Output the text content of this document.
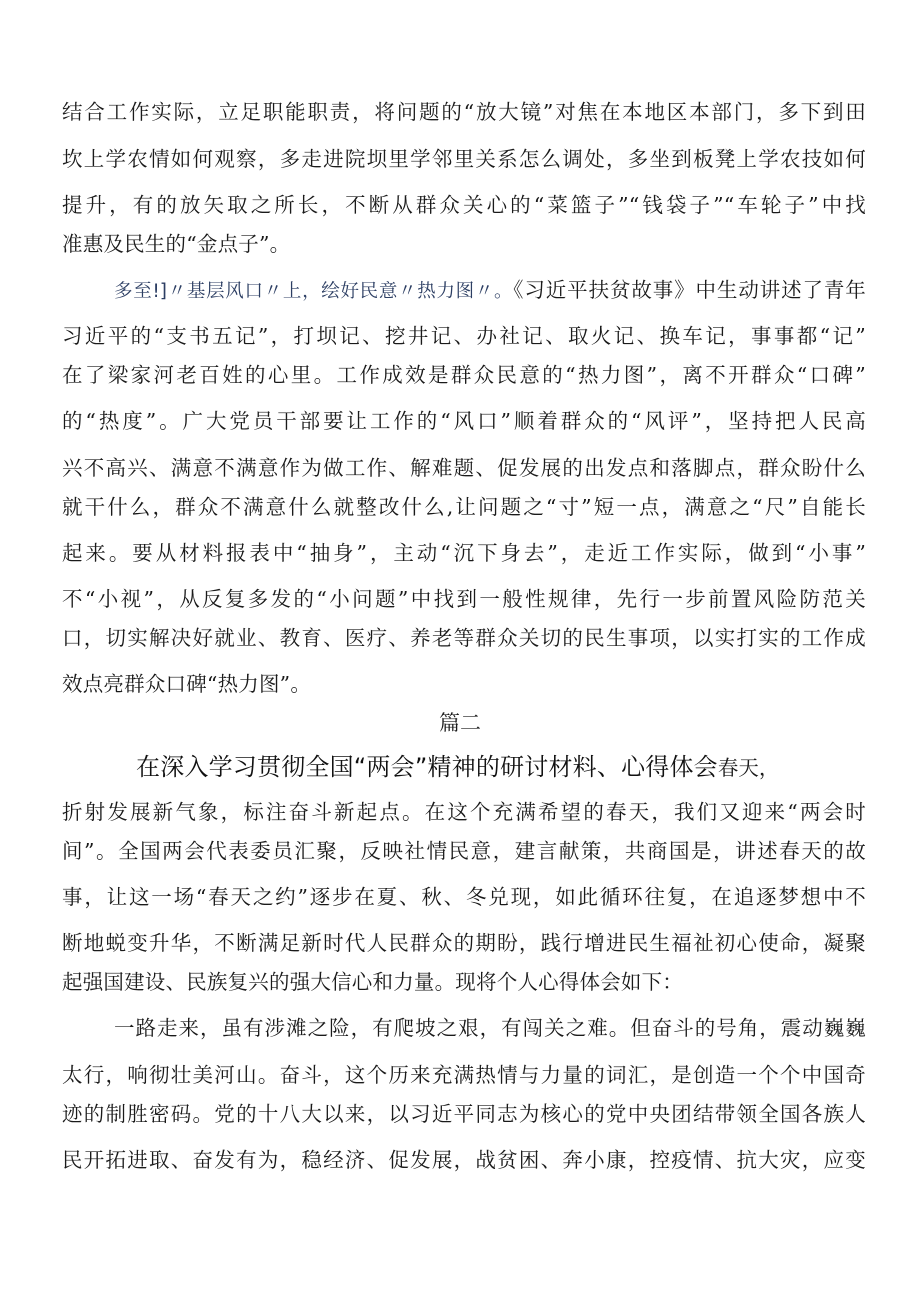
结合工作实际，立足职能职责，将问题的“放大镜”对焦在本地区本部门，多下到田
坎上学农情如何观察，多走进院坝里学邻里关系怎么调处，多坐到板凳上学农技如何
提升，有的放矢取之所长，不断从群众关心的“菜篮子”“钱袋子”“车轮子”中找
准惠及民生的“金点子”。
多至!]〃基层风口〃上，绘好民意〃热力图〃。《习近平扶贫故事》中生动讲述了青年
习近平的“支书五记”，打坝记、挖井记、办社记、取火记、换车记，事事都“记”
在了梁家河老百姓的心里。工作成效是群众民意的“热力图”，离不开群众“口碑”
的“热度”。广大党员干部要让工作的“风口”顺着群众的“风评”，坚持把人民高
兴不高兴、满意不满意作为做工作、解难题、促发展的出发点和落脚点，群众盼什么
就干什么，群众不满意什么就整改什么,让问题之“寸”短一点，满意之“尺”自能长
起来。要从材料报表中“抽身”，主动“沉下身去”，走近工作实际，做到“小事”
不“小视”，从反复多发的“小问题”中找到一般性规律，先行一步前置风险防范关
口，切实解决好就业、教育、医疗、养老等群众关切的民生事项，以实打实的工作成
效点亮群众口碑“热力图”。
篇二
在深入学习贯彻全国“两会”精神的研讨材料、心得体会春天，
折射发展新气象，标注奋斗新起点。在这个充满希望的春天，我们又迎来“两会时
间”。全国两会代表委员汇聚，反映社情民意，建言献策，共商国是，讲述春天的故
事，让这一场“春天之约”逐步在夏、秋、冬兑现，如此循环往复，在追逐梦想中不
断地蜕变升华，不断满足新时代人民群众的期盼，践行增进民生福祉初心使命，凝聚
起强国建设、民族复兴的强大信心和力量。现将个人心得体会如下：
一路走来，虽有涉滩之险，有爬坡之艰，有闯关之难。但奋斗的号角，震动巍巍
太行，响彻壮美河山。奋斗，这个历来充满热情与力量的词汇，是创造一个个中国奇
迹的制胜密码。党的十八大以来，以习近平同志为核心的党中央团结带领全国各族人
民开拓进取、奋发有为，稳经济、促发展，战贫困、奔小康，控疫情、抗大灾，应变
